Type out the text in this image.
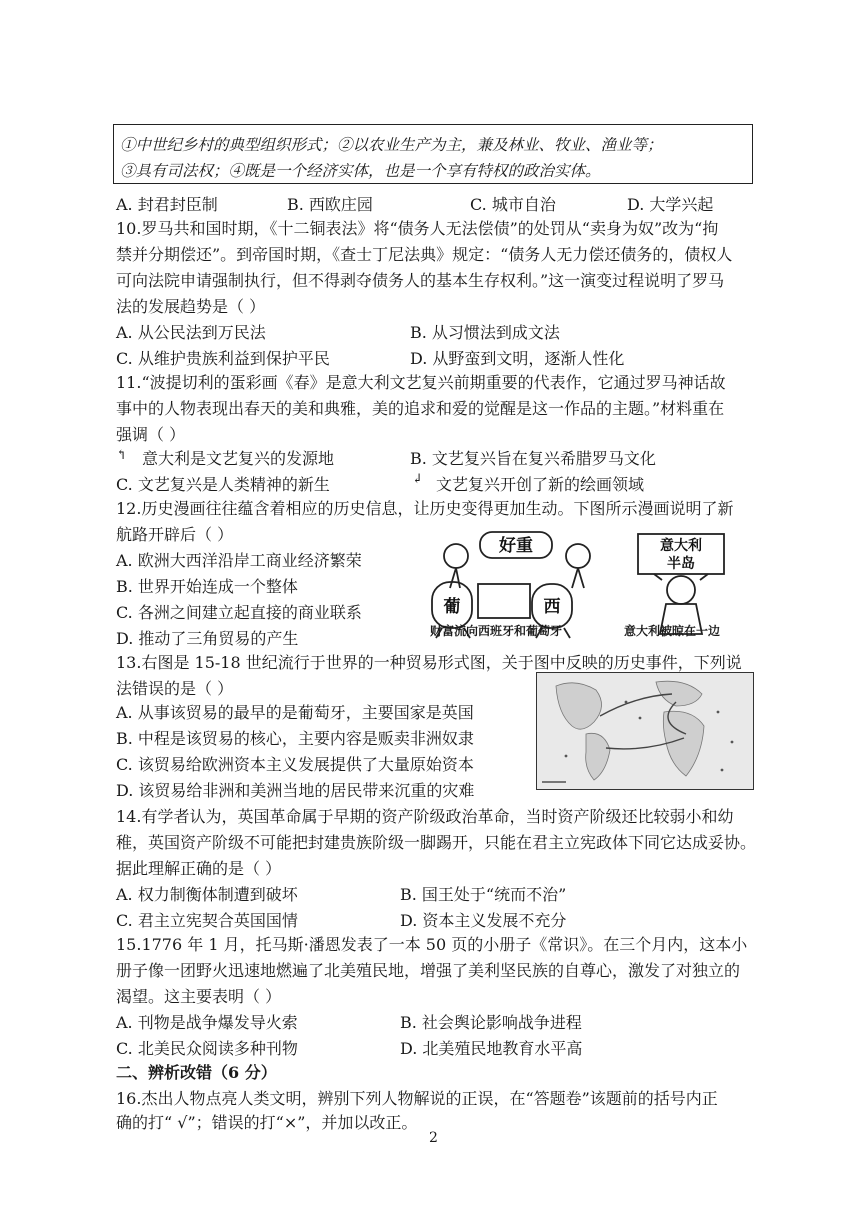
①中世纪乡村的典型组织形式；②以农业生产为主，兼及林业、牧业、渔业等；
③具有司法权；④既是一个经济实体，也是一个享有特权的政治实体。
A. 封君封臣制	B. 西欧庄园	C. 城市自治	D. 大学兴起
10.罗马共和国时期，《十二铜表法》将“债务人无法偿债”的处罚从“卖身为奴”改为“拘
禁并分期偿还”。到帝国时期，《查士丁尼法典》规定：“债务人无力偿还债务的，债权人
可向法院申请强制执行，但不得剥夺债务人的基本生存权利。”这一演变过程说明了罗马
法的发展趋势是（ ）
A. 从公民法到万民法	B. 从习惯法到成文法
C. 从维护贵族利益到保护平民	D. 从野蛮到文明，逐渐人性化
11.“波提切利的蛋彩画《春》是意大利文艺复兴前期重要的代表作，它通过罗马神话故
事中的人物表现出春天的美和典雅，美的追求和爱的觉醒是这一作品的主题。”材料重在
强调（ ）
↰ 意大利是文艺复兴的发源地	B. 文艺复兴旨在复兴希腊罗马文化
C. 文艺复兴是人类精神的新生	↲ 文艺复兴开创了新的绘画领域
12.历史漫画往往蕴含着相应的历史信息，让历史变得更加生动。下图所示漫画说明了新
航路开辟后（ ）
A. 欧洲大西洋沿岸工商业经济繁荣
B. 世界开始连成一个整体
C. 各洲之间建立起直接的商业联系
D. 推动了三角贸易的产生
好重
葡	西
财富流向西班牙和葡萄牙
意大利
半岛
意大利被晾在一边
13.右图是 15-18 世纪流行于世界的一种贸易形式图，关于图中反映的历史事件，下列说
法错误的是（ ）
A. 从事该贸易的最早的是葡萄牙，主要国家是英国
B. 中程是该贸易的核心，主要内容是贩卖非洲奴隶
C. 该贸易给欧洲资本主义发展提供了大量原始资本
D. 该贸易给非洲和美洲当地的居民带来沉重的灾难
14.有学者认为，英国革命属于早期的资产阶级政治革命，当时资产阶级还比较弱小和幼
稚，英国资产阶级不可能把封建贵族阶级一脚踢开，只能在君主立宪政体下同它达成妥协。
据此理解正确的是（ ）
A. 权力制衡体制遭到破坏	B. 国王处于“统而不治”
C. 君主立宪契合英国国情	D. 资本主义发展不充分
15.1776 年 1 月，托马斯·潘恩发表了一本 50 页的小册子《常识》。在三个月内，这本小
册子像一团野火迅速地燃遍了北美殖民地，增强了美利坚民族的自尊心，激发了对独立的
渴望。这主要表明（ ）
A. 刊物是战争爆发导火索	B. 社会舆论影响战争进程
C. 北美民众阅读多种刊物	D. 北美殖民地教育水平高
二、辨析改错（6 分）
16.杰出人物点亮人类文明，辨别下列人物解说的正误，在“答题卷”该题前的括号内正
确的打“ √”；错误的打“×”，并加以改正。
2
